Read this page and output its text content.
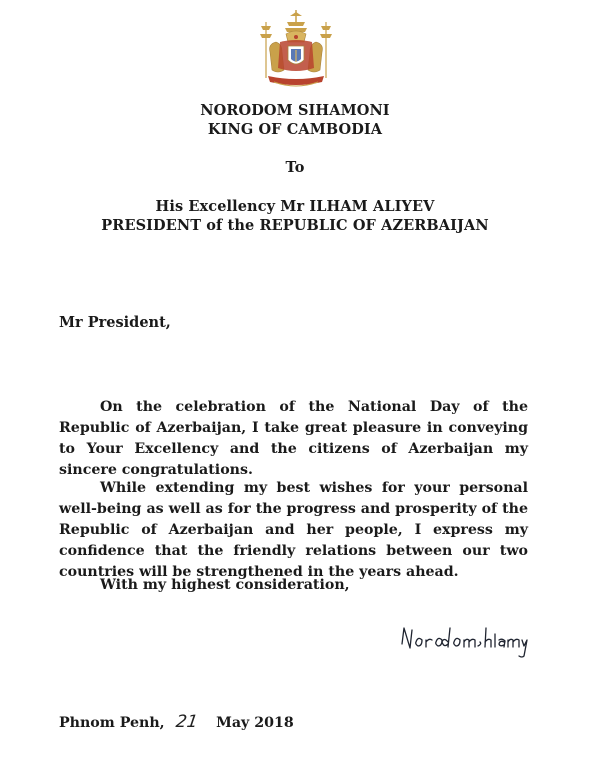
NORODOM SIHAMONI
KING OF CAMBODIA
To
His Excellency Mr ILHAM ALIYEV
PRESIDENT of the REPUBLIC OF AZERBAIJAN
Mr President,

On the celebration of the National Day of the Republic of Azerbaijan, I take great pleasure in conveying to Your Excellency and the citizens of Azerbaijan my sincere congratulations.

While extending my best wishes for your personal well-being as well as for the progress and prosperity of the Republic of Azerbaijan and her people, I express my confidence that the friendly relations between our two countries will be strengthened in the years ahead.

With my highest consideration,
Phnom Penh, 21 May 2018
